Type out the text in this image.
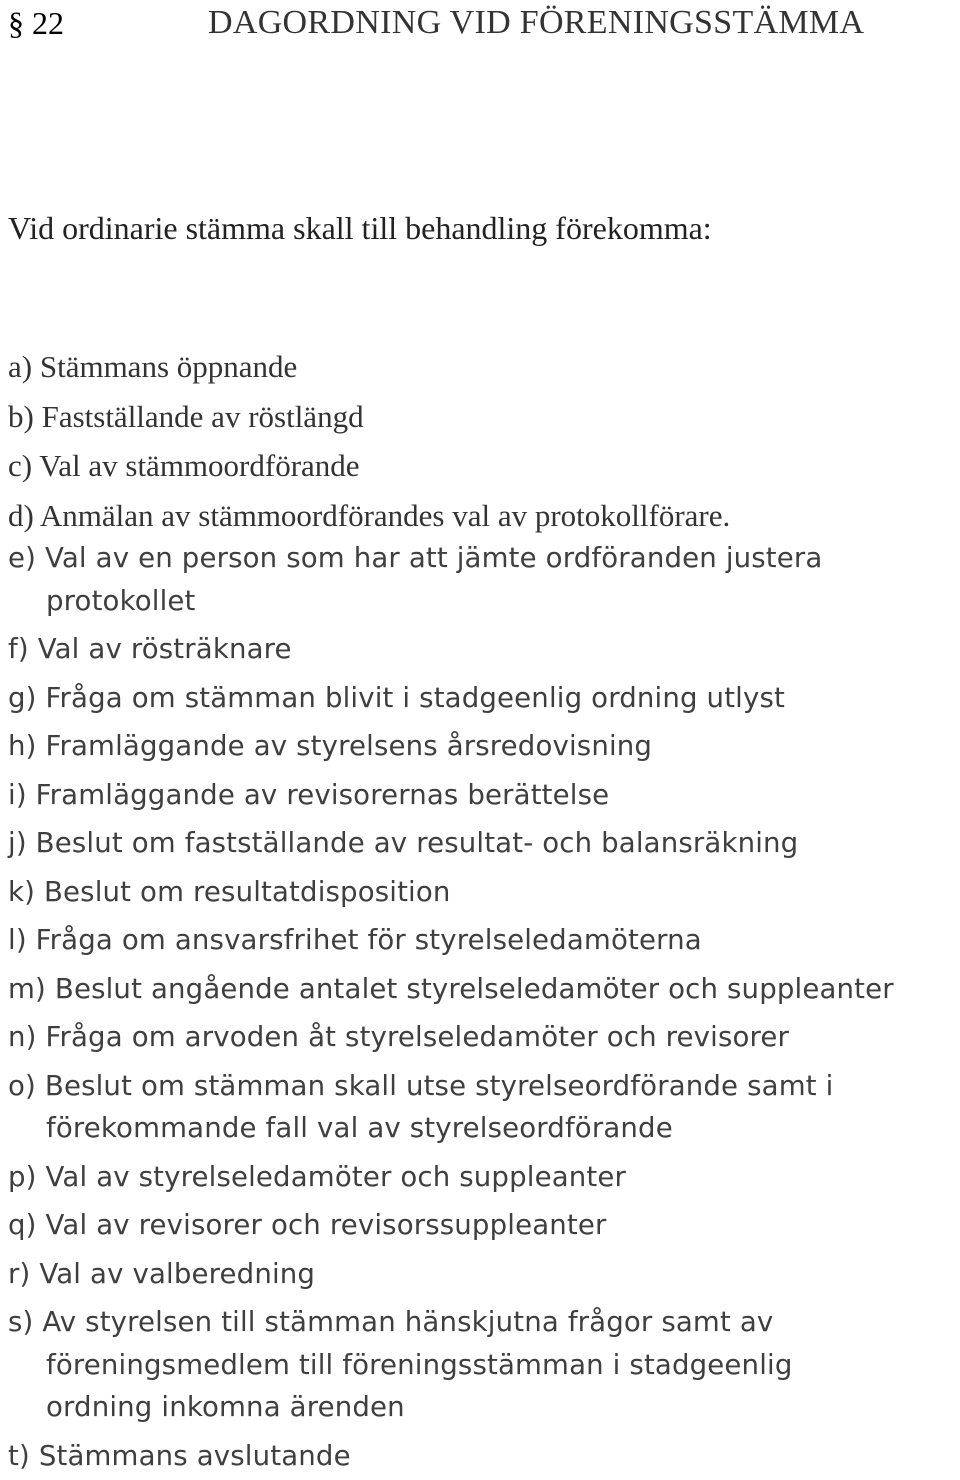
§ 22	DAGORDNING VID FÖRENINGSSTÄMMA
Vid ordinarie stämma skall till behandling förekomma:
a) Stämmans öppnande
b) Fastställande av röstlängd
c) Val av stämmoordförande
d) Anmälan av stämmoordförandes val av protokollförare.
e) Val av en person som har att jämte ordföranden justera
protokollet
f) Val av rösträknare
g) Fråga om stämman blivit i stadgeenlig ordning utlyst
h) Framläggande av styrelsens årsredovisning
i) Framläggande av revisorernas berättelse
j) Beslut om fastställande av resultat- och balansräkning
k) Beslut om resultatdisposition
l) Fråga om ansvarsfrihet för styrelseledamöterna
m) Beslut angående antalet styrelseledamöter och suppleanter
n) Fråga om arvoden åt styrelseledamöter och revisorer
o) Beslut om stämman skall utse styrelseordförande samt i
förekommande fall val av styrelseordförande
p) Val av styrelseledamöter och suppleanter
q) Val av revisorer och revisorssuppleanter
r) Val av valberedning
s) Av styrelsen till stämman hänskjutna frågor samt av
föreningsmedlem till föreningsstämman i stadgeenlig
ordning inkomna ärenden
t) Stämmans avslutande
